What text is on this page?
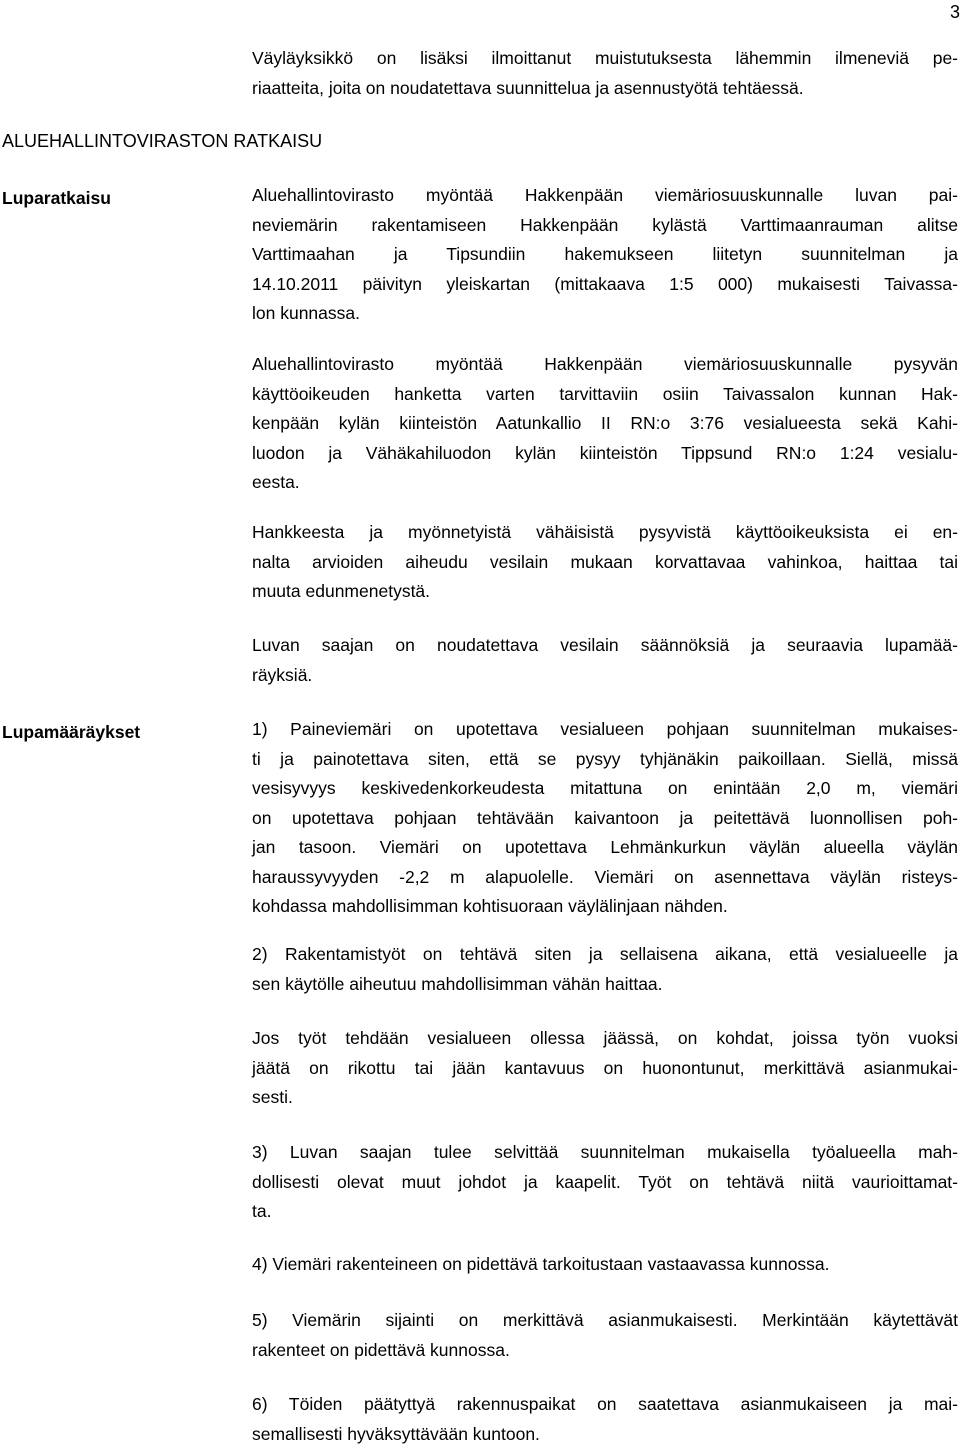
3
Väyläyksikkö on lisäksi ilmoittanut muistutuksesta lähemmin ilmeneviä pe-
riaatteita, joita on noudatettava suunnittelua ja asennustyötä tehtäessä.
ALUEHALLINTOVIRASTON RATKAISU
Luparatkaisu	Aluehallintovirasto myöntää Hakkenpään viemäriosuuskunnalle luvan pai-
neviemärin rakentamiseen Hakkenpään kylästä Varttimaanrauman alitse
Varttimaahan ja Tipsundiin hakemukseen liitetyn suunnitelman ja
14.10.2011 päivityn yleiskartan (mittakaava 1:5 000) mukaisesti Taivassa-
lon kunnassa.
Aluehallintovirasto myöntää Hakkenpään viemäriosuuskunnalle pysyvän
käyttöoikeuden hanketta varten tarvittaviin osiin Taivassalon kunnan Hak-
kenpään kylän kiinteistön Aatunkallio II RN:o 3:76 vesialueesta sekä Kahi-
luodon ja Vähäkahiluodon kylän kiinteistön Tippsund RN:o 1:24 vesialu-
eesta.
Hankkeesta ja myönnetyistä vähäisistä pysyvistä käyttöoikeuksista ei en-
nalta arvioiden aiheudu vesilain mukaan korvattavaa vahinkoa, haittaa tai
muuta edunmenetystä.
Luvan saajan on noudatettava vesilain säännöksiä ja seuraavia lupamää-
räyksiä.
Lupamääräykset	1) Paineviemäri on upotettava vesialueen pohjaan suunnitelman mukaises-
ti ja painotettava siten, että se pysyy tyhjänäkin paikoillaan. Siellä, missä
vesisyvyys keskivedenkorkeudesta mitattuna on enintään 2,0 m, viemäri
on upotettava pohjaan tehtävään kaivantoon ja peitettävä luonnollisen poh-
jan tasoon. Viemäri on upotettava Lehmänkurkun väylän alueella väylän
haraussyvyyden -2,2 m alapuolelle. Viemäri on asennettava väylän risteys-
kohdassa mahdollisimman kohtisuoraan väylälinjaan nähden.
2) Rakentamistyöt on tehtävä siten ja sellaisena aikana, että vesialueelle ja
sen käytölle aiheutuu mahdollisimman vähän haittaa.
Jos työt tehdään vesialueen ollessa jäässä, on kohdat, joissa työn vuoksi
jäätä on rikottu tai jään kantavuus on huonontunut, merkittävä asianmukai-
sesti.
3) Luvan saajan tulee selvittää suunnitelman mukaisella työalueella mah-
dollisesti olevat muut johdot ja kaapelit. Työt on tehtävä niitä vaurioittamat-
ta.
4) Viemäri rakenteineen on pidettävä tarkoitustaan vastaavassa kunnossa.
5) Viemärin sijainti on merkittävä asianmukaisesti. Merkintään käytettävät
rakenteet on pidettävä kunnossa.
6) Töiden päätyttyä rakennuspaikat on saatettava asianmukaiseen ja mai-
semallisesti hyväksyttävään kuntoon.
